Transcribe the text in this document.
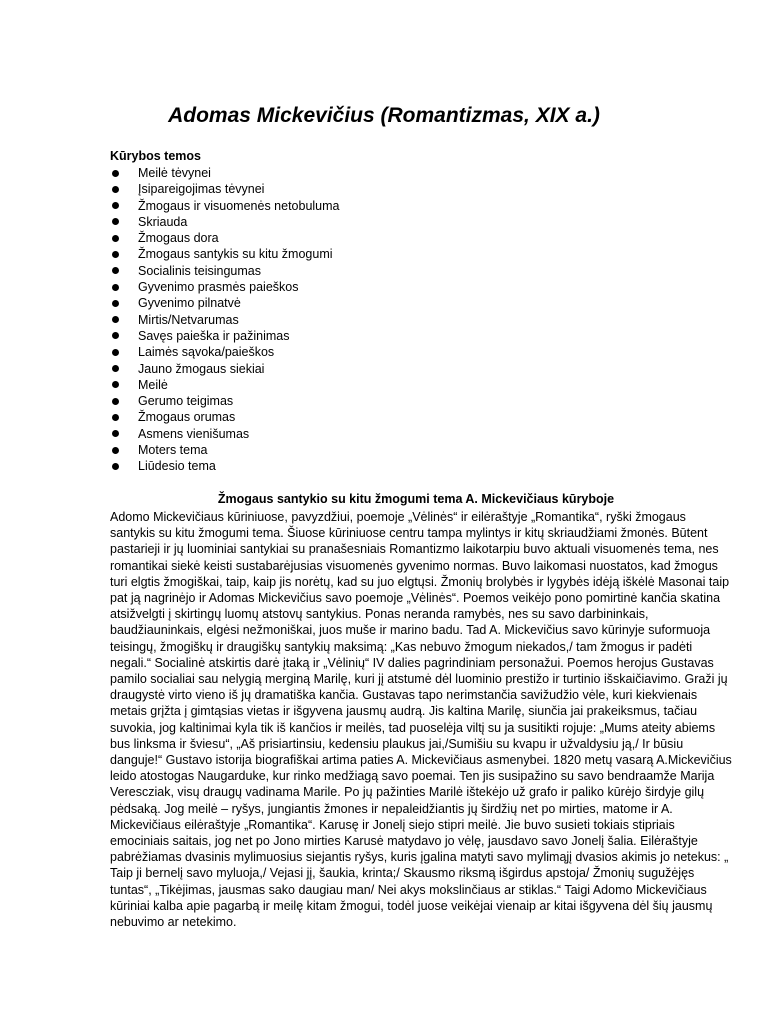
Adomas Mickevičius (Romantizmas, XIX a.)
Kūrybos temos
Meilė tėvynei
Įsipareigojimas tėvynei
Žmogaus ir visuomenės netobuluma
Skriauda
Žmogaus dora
Žmogaus santykis su kitu žmogumi
Socialinis teisingumas
Gyvenimo prasmės paieškos
Gyvenimo pilnatvė
Mirtis/Netvarumas
Savęs paieška ir pažinimas
Laimės sąvoka/paieškos
Jauno žmogaus siekiai
Meilė
Gerumo teigimas
Žmogaus orumas
Asmens vienišumas
Moters tema
Liūdesio tema
Žmogaus santykio su kitu žmogumi tema A. Mickevičiaus kūryboje

Adomo Mickevičiaus kūriniuose, pavyzdžiui, poemoje „Vėlinės“ ir eilėraštyje „Romantika“, ryški žmogaus santykis su kitu žmogumi tema. Šiuose kūriniuose centru tampa mylintys ir kitų skriaudžiami žmonės. Būtent pastarieji ir jų luominiai santykiai su pranašesniais Romantizmo laikotarpiu buvo aktuali visuomenės tema, nes romantikai siekė keisti sustabarėjusias visuomenės gyvenimo normas. Buvo laikomasi nuostatos, kad žmogus turi elgtis žmogiškai, taip, kaip jis norėtų, kad su juo elgtųsi. Žmonių brolybės ir lygybės idėją iškėlė Masonai taip pat ją nagrinėjo ir Adomas Mickevičius savo poemoje „Vėlinės“. Poemos veikėjo pono pomirtinė kančia skatina atsižvelgti į skirtingų luomų atstovų santykius. Ponas neranda ramybės, nes su savo darbininkais, baudžiauninkais, elgėsi nežmoniškai, juos muše ir marino badu. Tad A. Mickevičius savo kūrinyje suformuoja teisingų, žmogiškų ir draugiškų santykių maksimą: „Kas nebuvo žmogum niekados,/ tam žmogus ir padėti negali.“ Socialinė atskirtis darė įtaką ir „Vėlinių“ IV dalies pagrindiniam personažui. Poemos herojus Gustavas pamilo socialiai sau nelygią merginą Marilę, kuri jį atstumė dėl luominio prestižo ir turtinio išskaičiavimo. Graži jų draugystė virto vieno iš jų dramatiška kančia. Gustavas tapo nerimstančia savižudžio vėle, kuri kiekvienais metais grįžta į gimtąsias vietas ir išgyvena jausmų audrą. Jis kaltina Marilę, siunčia jai prakeiksmus, tačiau suvokia, jog kaltinimai kyla tik iš kančios ir meilės, tad puoselėja viltį su ja susitikti rojuje: „Mums ateity abiems bus linksma ir šviesu“, „Aš prisiartinsiu, kedensiu plaukus jai,/Sumišiu su kvapu ir užvaldysiu ją,/ Ir būsiu danguje!“ Gustavo istorija biografiškai artima paties A. Mickevičiaus asmenybei. 1820 metų vasarą A.Mickevičius leido atostogas Naugarduke, kur rinko medžiagą savo poemai. Ten jis susipažino su savo bendraamže Marija Verescziak, visų draugų vadinama Marile. Po jų pažinties Marilė ištekėjo už grafo ir paliko kūrėjo širdyje gilų pėdsaką. Jog meilė – ryšys, jungiantis žmones ir nepaleidžiantis jų širdžių net po mirties, matome ir A. Mickevičiaus eilėraštyje „Romantika“. Karusę ir Jonelį siejo stipri meilė. Jie buvo susieti tokiais stipriais emociniais saitais, jog net po Jono mirties Karusė matydavo jo vėlę, jausdavo savo Jonelį šalia. Eilėraštyje pabrėžiamas dvasinis mylimuosius siejantis ryšys, kuris įgalina matyti savo mylimąjį dvasios akimis jo netekus: „ Taip ji bernelį savo myluoja,/ Vejasi jį, šaukia, krinta;/ Skausmo riksmą išgirdus apstoja/ Žmonių sugužėjęs tuntas“, „Tikėjimas, jausmas sako daugiau man/ Nei akys mokslinčiaus ar stiklas.“ Taigi Adomo Mickevičiaus kūriniai kalba apie pagarbą ir meilę kitam žmogui, todėl juose veikėjai vienaip ar kitai išgyvena dėl šių jausmų nebuvimo ar netekimo.
